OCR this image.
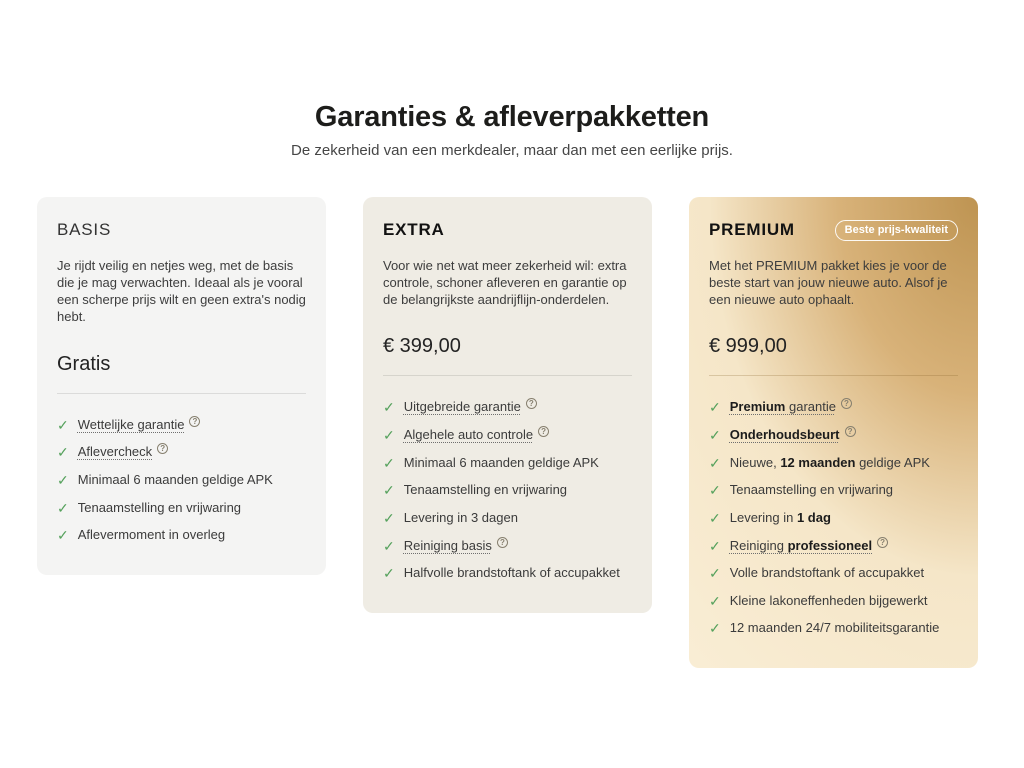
Garanties & afleverpakketten
De zekerheid van een merkdealer, maar dan met een eerlijke prijs.
BASIS
Je rijdt veilig en netjes weg, met de basis die je mag verwachten. Ideaal als je vooral een scherpe prijs wilt en geen extra's nodig hebt.
Gratis
✓ Wettelijke garantie ?
✓ Aflevercheck ?
✓ Minimaal 6 maanden geldige APK
✓ Tenaamstelling en vrijwaring
✓ Aflevermoment in overleg
EXTRA
Voor wie net wat meer zekerheid wil: extra controle, schoner afleveren en garantie op de belangrijkste aandrijflijn-onderdelen.
€ 399,00
✓ Uitgebreide garantie ?
✓ Algehele auto controle ?
✓ Minimaal 6 maanden geldige APK
✓ Tenaamstelling en vrijwaring
✓ Levering in 3 dagen
✓ Reiniging basis ?
✓ Halfvolle brandstoftank of accupakket
PREMIUM	Beste prijs-kwaliteit
Met het PREMIUM pakket kies je voor de beste start van jouw nieuwe auto. Alsof je een nieuwe auto ophaalt.
€ 999,00
✓ Premium garantie ?
✓ Onderhoudsbeurt ?
✓ Nieuwe, 12 maanden geldige APK
✓ Tenaamstelling en vrijwaring
✓ Levering in 1 dag
✓ Reiniging professioneel ?
✓ Volle brandstoftank of accupakket
✓ Kleine lakoneffenheden bijgewerkt
✓ 12 maanden 24/7 mobiliteitsgarantie
